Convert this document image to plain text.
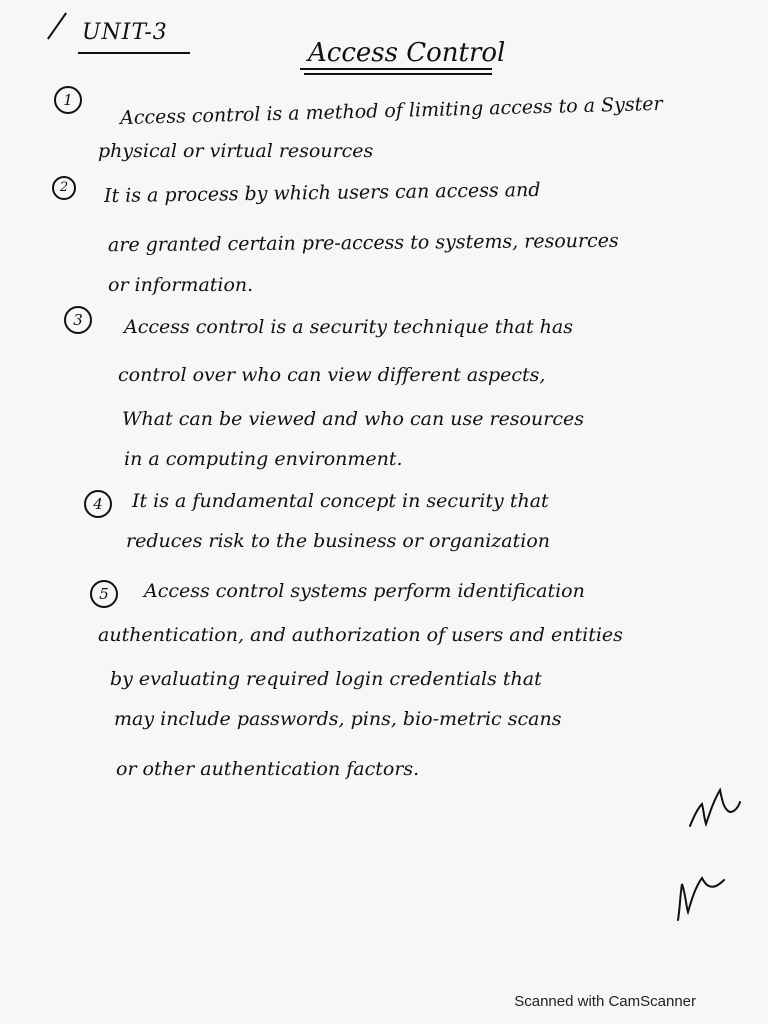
UNIT-3
Access Control
1	Access control is a method of limiting access to a Syster
physical or virtual resources
2	It is a process by which users can access and
are granted certain pre-access to systems, resources
or information.
3	Access control is a security technique that has
control over who can view different aspects,
What can be viewed and who can use resources
in a computing environment.
4	It is a fundamental concept in security that
reduces risk to the business or organization
5	Access control systems perform identification
authentication, and authorization of users and entities
by evaluating required login credentials that
may include passwords, pins, bio-metric scans
or other authentication factors.
Scanned with CamScanner
